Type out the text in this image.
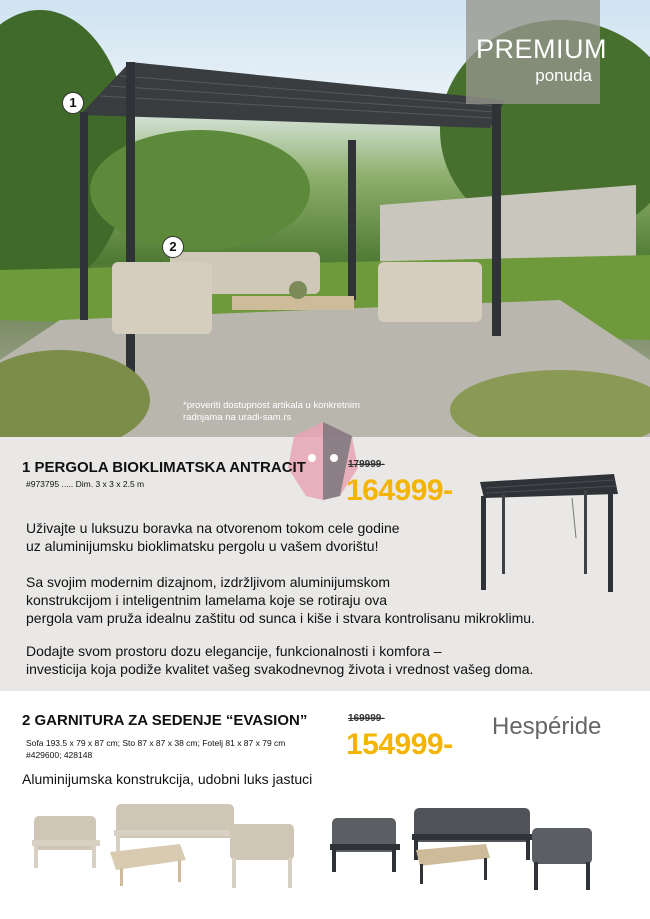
PREMIUM
ponuda
1
2
*proveriti dostupnost artikala u konkretnim radnjama na uradi-sam.rs
1 PERGOLA BIOKLIMATSKA ANTRACIT
#973795 ..... Dim. 3 x 3 x 2.5 m
179999-
164999-
Uživajte u luksuzu boravka na otvorenom tokom cele godine
uz aluminijumsku bioklimatsku pergolu u vašem dvorištu!
Sa svojim modernim dizajnom, izdržljivom aluminijumskom
konstrukcijom i inteligentnim lamelama koje se rotiraju ova
pergola vam pruža idealnu zaštitu od sunca i kiše i stvara kontrolisanu mikroklimu.
Dodajte svom prostoru dozu elegancije, funkcionalnosti i komfora –
investicija koja podiže kvalitet vašeg svakodnevnog života i vrednost vašeg doma.
2 GARNITURA ZA SEDENJE “EVASION”
Sofa 193.5 x 79 x 87 cm; Sto 87 x 87 x 38 cm; Fotelj 81 x 87 x 79 cm
#429600; 428148
169999-
154999-
Hespéride
Aluminijumska konstrukcija, udobni luks jastuci
